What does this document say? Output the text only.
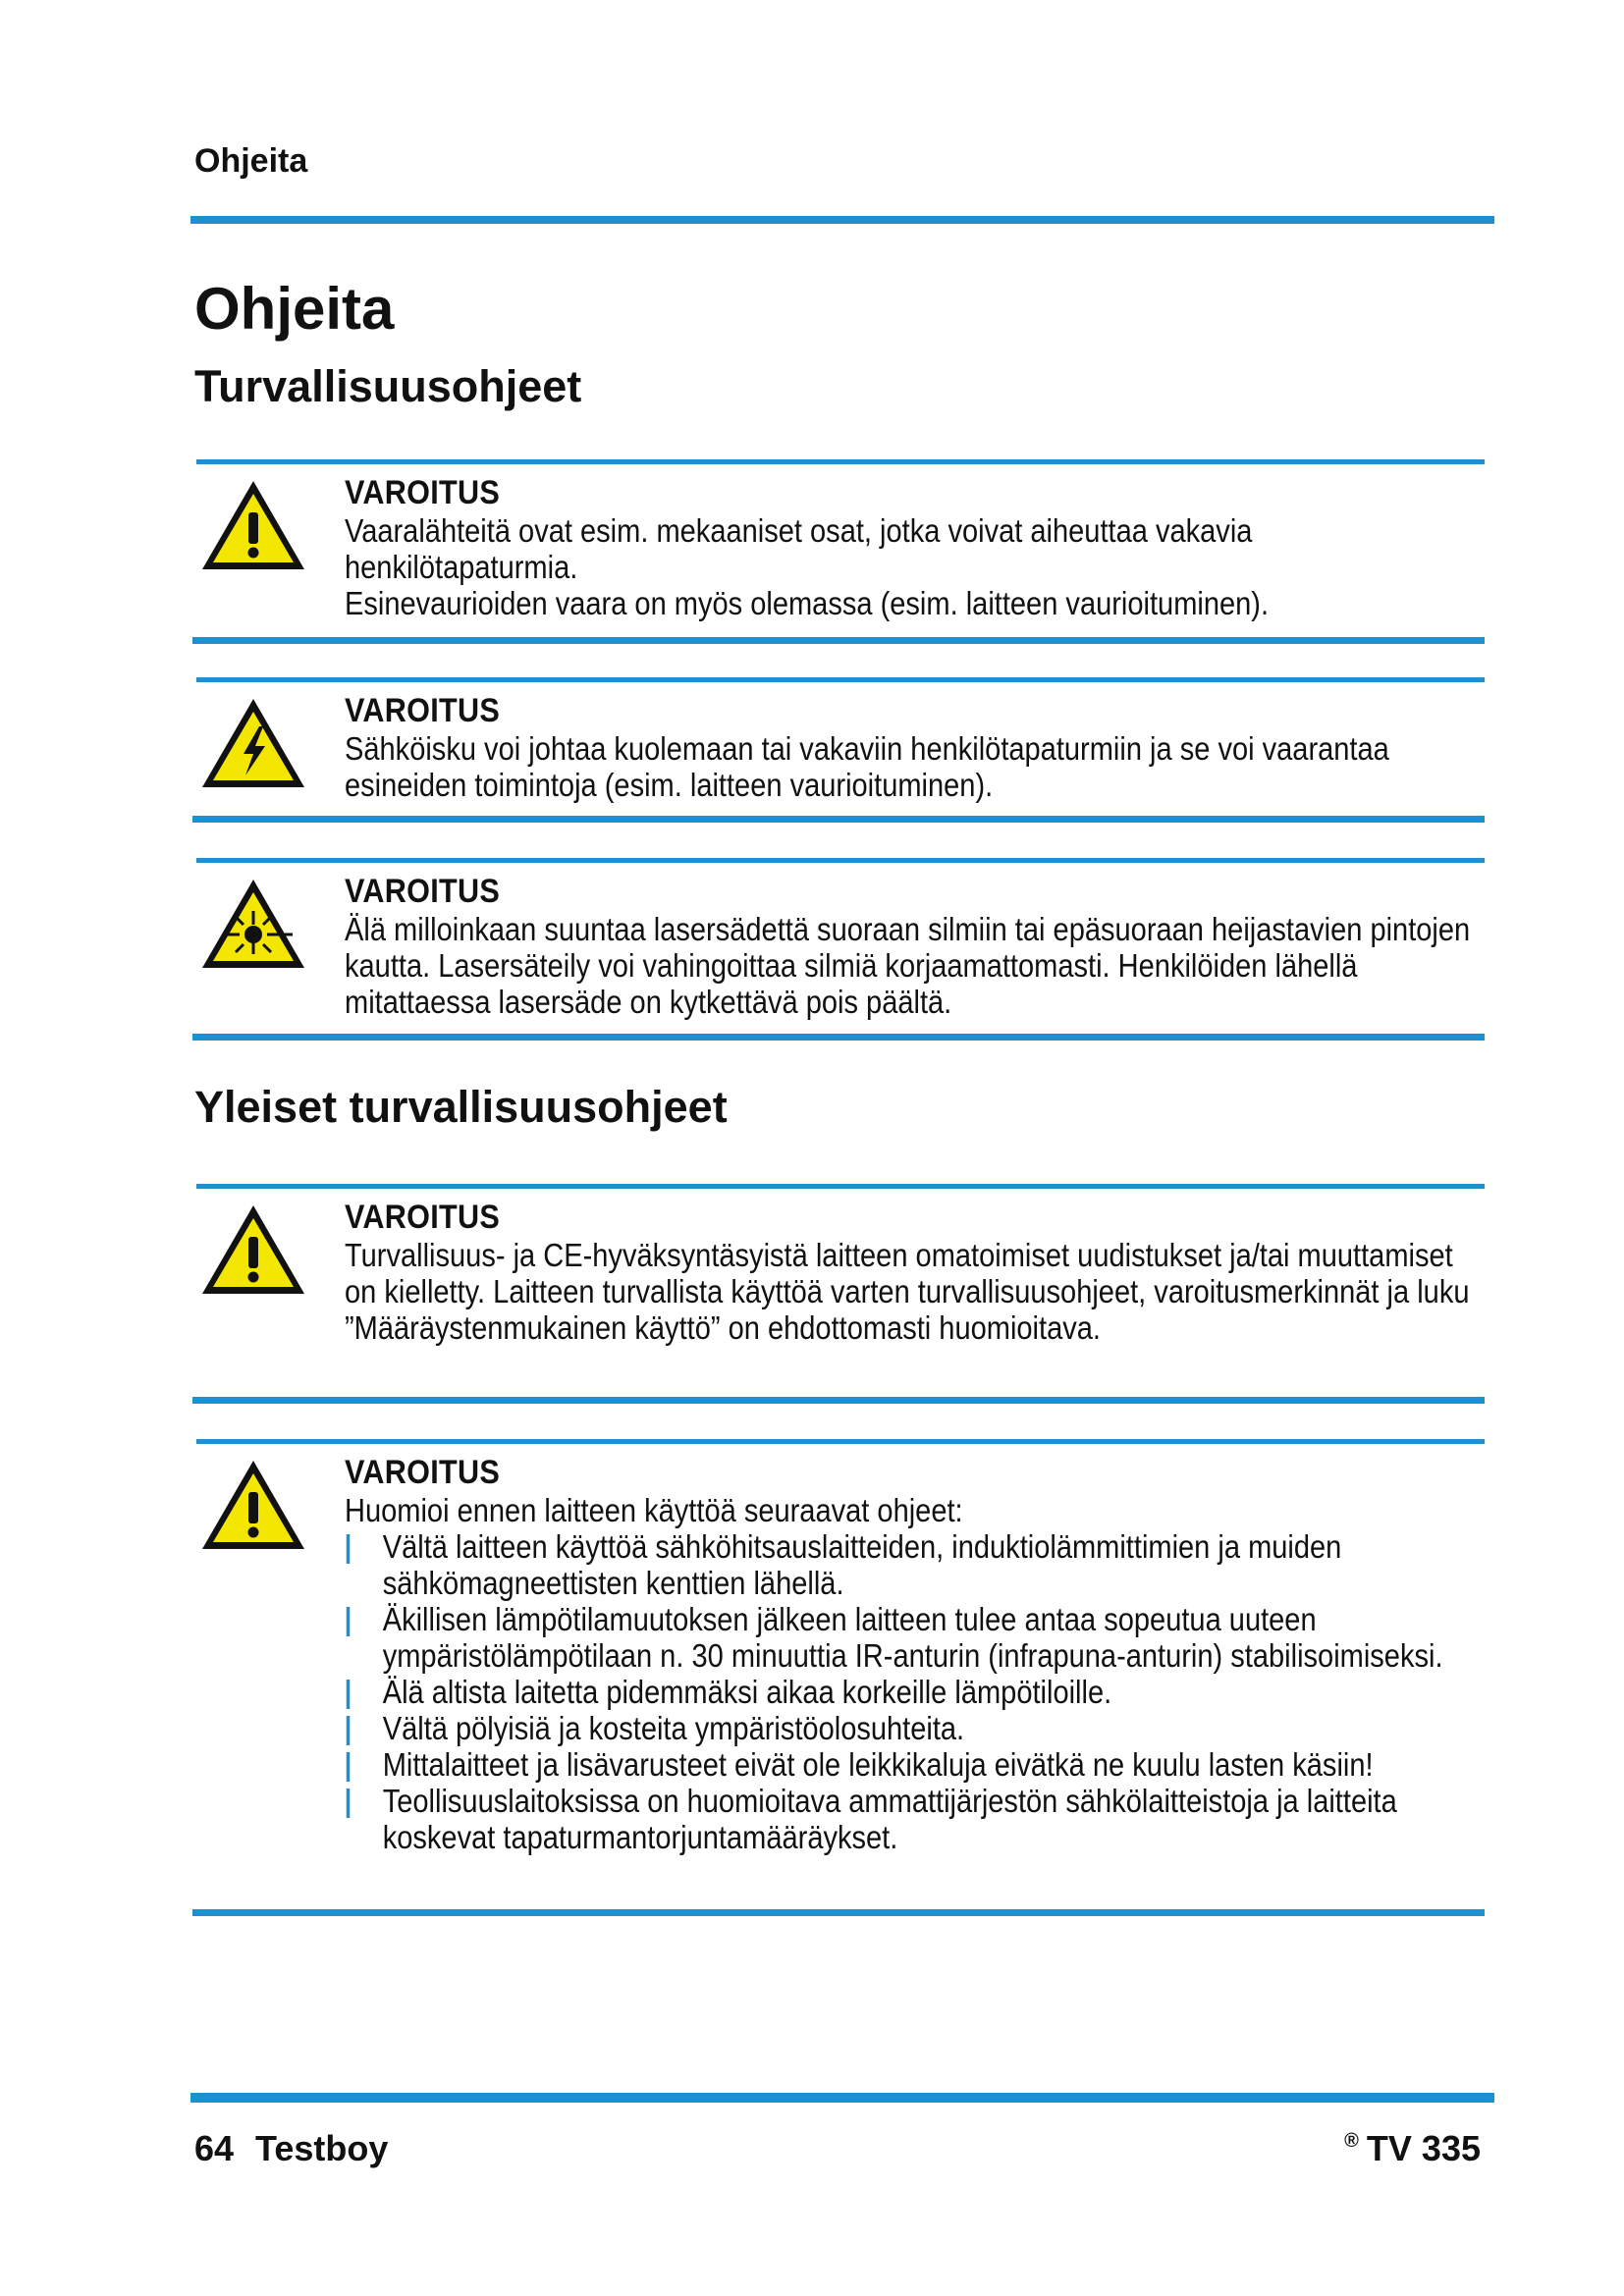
Ohjeita
Ohjeita
Turvallisuusohjeet
VAROITUS

Vaaralähteitä ovat esim. mekaaniset osat, jotka voivat aiheuttaa vakavia henkilötapaturmia.

Esinevaurioiden vaara on myös olemassa (esim. laitteen vaurioituminen).

VAROITUS

Sähköisku voi johtaa kuolemaan tai vakaviin henkilötapaturmiin ja se voi vaarantaa esineiden toimintoja (esim. laitteen vaurioituminen).

VAROITUS

Älä milloinkaan suuntaa lasersädettä suoraan silmiin tai epäsuoraan heijastavien pintojen kautta. Lasersäteily voi vahingoittaa silmiä korjaamattomasti. Henkilöiden lähellä mitattaessa lasersäde on kytkettävä pois päältä.

Yleiset turvallisuusohjeet
VAROITUS

Turvallisuus- ja CE-hyväksyntäsyistä laitteen omatoimiset uudistukset ja/tai muuttamiset on kielletty. Laitteen turvallista käyttöä varten turvallisuusohjeet, varoitusmerkinnät ja luku ”Määräystenmukainen käyttö” on ehdottomasti huomioitava.

VAROITUS

Huomioi ennen laitteen käyttöä seuraavat ohjeet:

Vältä laitteen käyttöä sähköhitsauslaitteiden, induktiolämmittimien ja muiden sähkömagneettisten kenttien lähellä.
Äkillisen lämpötilamuutoksen jälkeen laitteen tulee antaa sopeutua uuteen ympäristölämpötilaan n. 30 minuuttia IR-anturin (infrapuna-anturin) stabilisoimiseksi.
Älä altista laitetta pidemmäksi aikaa korkeille lämpötiloille.
Vältä pölyisiä ja kosteita ympäristöolosuhteita.
Mittalaitteet ja lisävarusteet eivät ole leikkikaluja eivätkä ne kuulu lasten käsiin!
Teollisuuslaitoksissa on huomioitava ammattijärjestön sähkölaitteistoja ja laitteita koskevat tapaturmantorjuntamääräykset.
64 Testboy	® TV 335
